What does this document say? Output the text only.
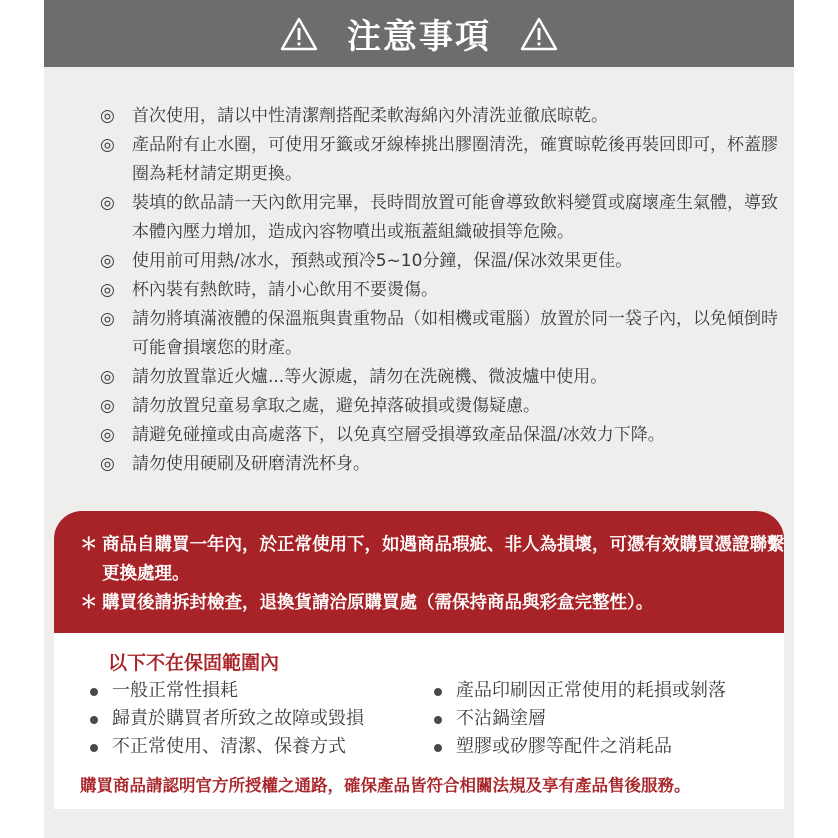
注意事項

◎	首次使用，請以中性清潔劑搭配柔軟海綿內外清洗並徹底晾乾。

◎	產品附有止水圈，可使用牙籤或牙線棒挑出膠圈清洗，確實晾乾後再裝回即可，杯蓋膠圈為耗材請定期更換。

◎	裝填的飲品請一天內飲用完畢，長時間放置可能會導致飲料變質或腐壞產生氣體，導致本體內壓力增加，造成內容物噴出或瓶蓋組織破損等危險。

◎	使用前可用熱/冰水，預熱或預冷5~10分鐘，保溫/保冰效果更佳。

◎	杯內裝有熱飲時，請小心飲用不要燙傷。

◎	請勿將填滿液體的保溫瓶與貴重物品（如相機或電腦）放置於同一袋子內，以免傾倒時可能會損壞您的財產。

◎	請勿放置靠近火爐...等火源處，請勿在洗碗機、微波爐中使用。

◎	請勿放置兒童易拿取之處，避免掉落破損或燙傷疑慮。

◎	請避免碰撞或由高處落下，以免真空層受損導致產品保溫/冰效力下降。

◎	請勿使用硬刷及研磨清洗杯身。

＊ 商品自購買一年內，於正常使用下，如遇商品瑕疵、非人為損壞，可憑有效購買憑證聯繫更換處理。
＊ 購買後請拆封檢查，退換貨請洽原購買處（需保持商品與彩盒完整性）。
以下不在保固範圍內
一般正常性損耗
歸責於購買者所致之故障或毀損
不正常使用、清潔、保養方式
產品印刷因正常使用的耗損或剝落
不沾鍋塗層
塑膠或矽膠等配件之消耗品
購買商品請認明官方所授權之通路，確保產品皆符合相關法規及享有產品售後服務。
